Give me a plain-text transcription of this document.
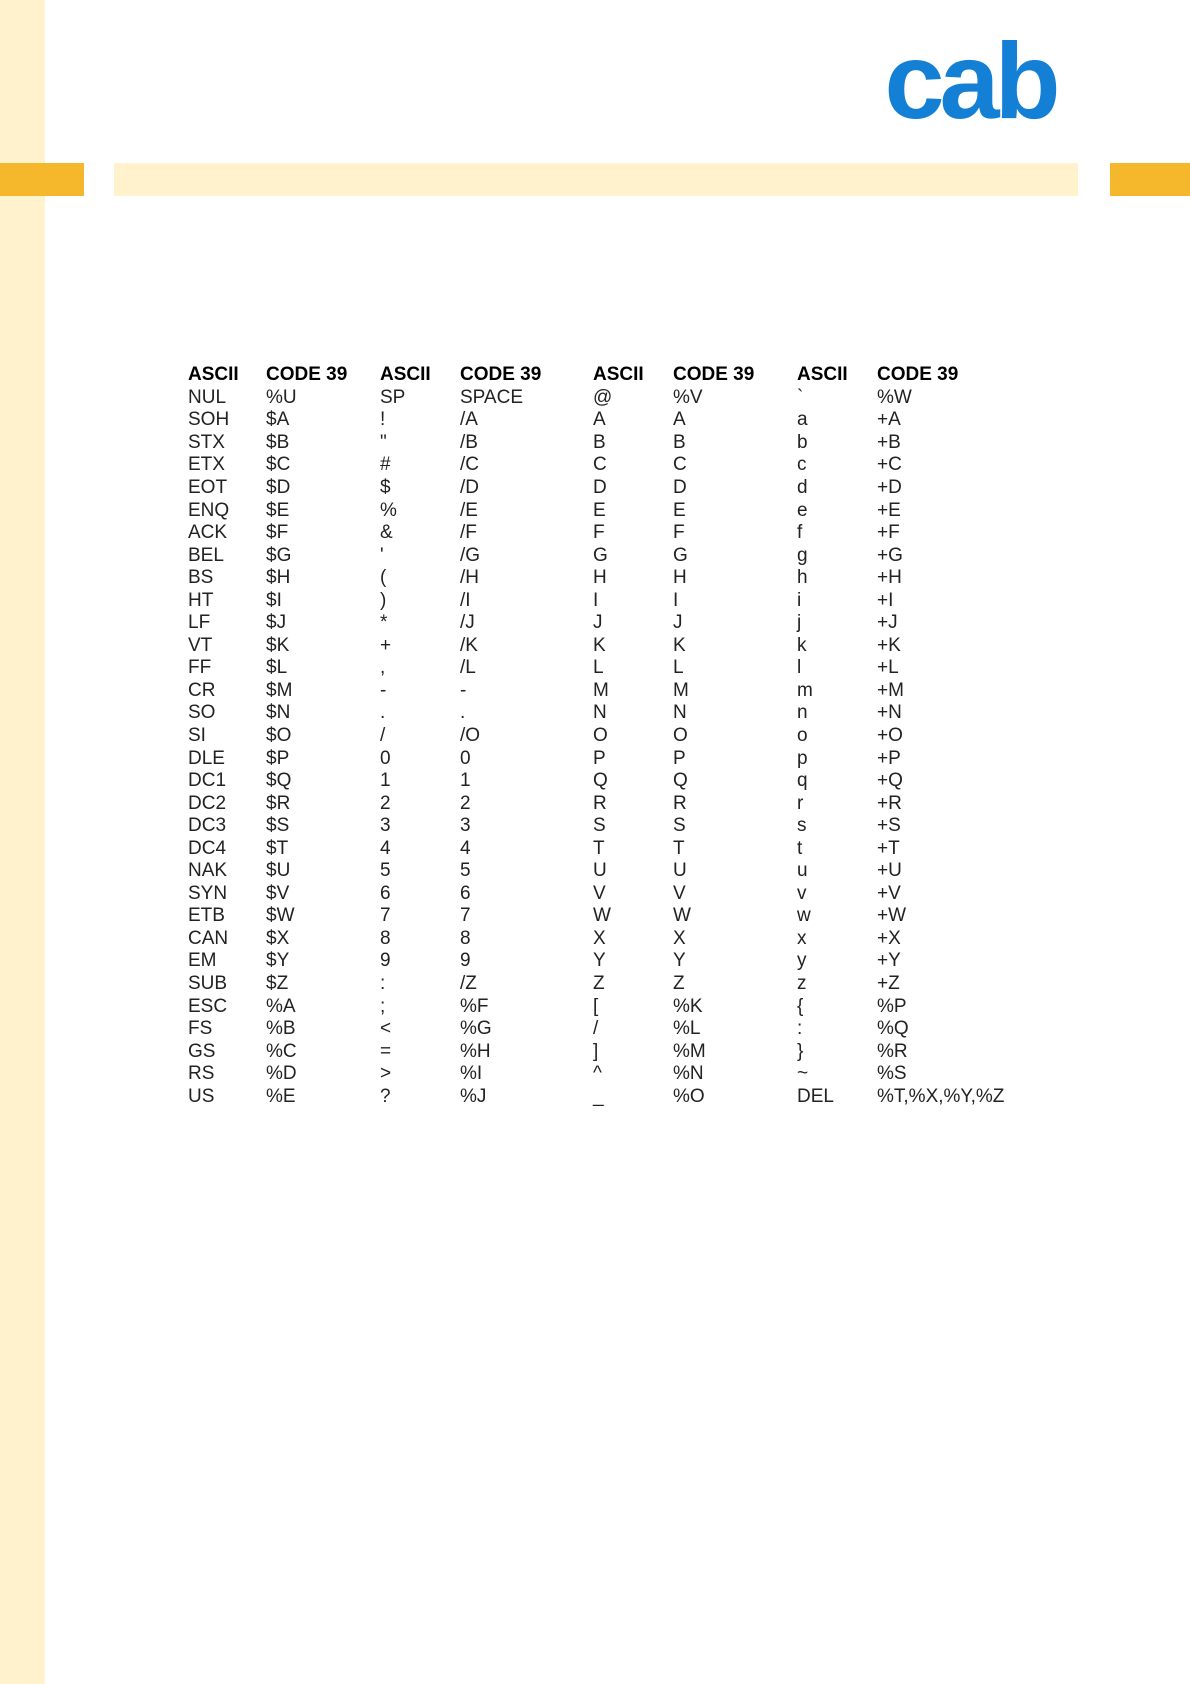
cab
ASCII	CODE 39	ASCII	CODE 39	ASCII	CODE 39	ASCII	CODE 39
NUL	%U	SP	SPACE	@	%V	`	%W
SOH	$A	!	/A	A	A	a	+A
STX	$B	"	/B	B	B	b	+B
ETX	$C	#	/C	C	C	c	+C
EOT	$D	$	/D	D	D	d	+D
ENQ	$E	%	/E	E	E	e	+E
ACK	$F	&	/F	F	F	f	+F
BEL	$G	'	/G	G	G	g	+G
BS	$H	(	/H	H	H	h	+H
HT	$I	)	/I	I	I	i	+I
LF	$J	*	/J	J	J	j	+J
VT	$K	+	/K	K	K	k	+K
FF	$L	,	/L	L	L	l	+L
CR	$M	-	-	M	M	m	+M
SO	$N	.	.	N	N	n	+N
SI	$O	/	/O	O	O	o	+O
DLE	$P	0	0	P	P	p	+P
DC1	$Q	1	1	Q	Q	q	+Q
DC2	$R	2	2	R	R	r	+R
DC3	$S	3	3	S	S	s	+S
DC4	$T	4	4	T	T	t	+T
NAK	$U	5	5	U	U	u	+U
SYN	$V	6	6	V	V	v	+V
ETB	$W	7	7	W	W	w	+W
CAN	$X	8	8	X	X	x	+X
EM	$Y	9	9	Y	Y	y	+Y
SUB	$Z	:	/Z	Z	Z	z	+Z
ESC	%A	;	%F	[	%K	{	%P
FS	%B	<	%G	/	%L	:	%Q
GS	%C	=	%H	]	%M	}	%R
RS	%D	>	%I	^	%N	~	%S
US	%E	?	%J	_	%O	DEL	%T,%X,%Y,%Z
